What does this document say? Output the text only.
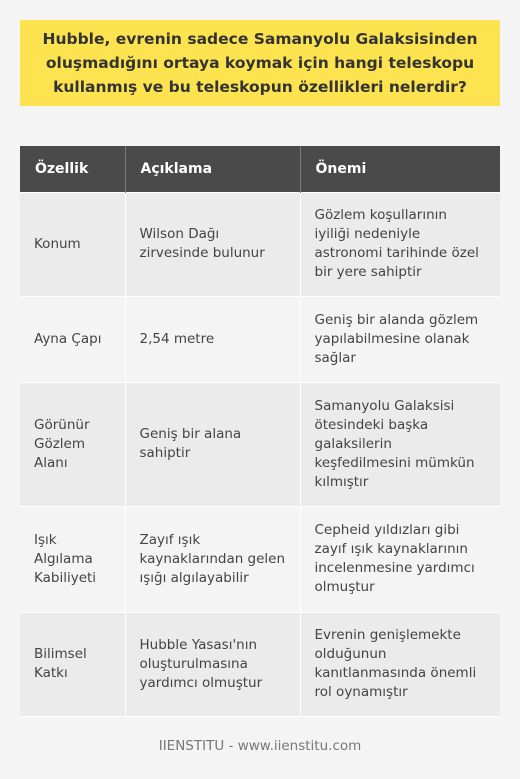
Hubble, evrenin sadece Samanyolu Galaksisinden oluşmadığını ortaya koymak için hangi teleskopu kullanmış ve bu teleskopun özellikleri nelerdir?
Özellik	Açıklama	Önemi
Konum	Wilson Dağı zirvesinde bulunur	Gözlem koşullarının iyiliği nedeniyle astronomi tarihinde özel bir yere sahiptir
Ayna Çapı	2,54 metre	Geniş bir alanda gözlem yapılabilmesine olanak sağlar
Görünür Gözlem Alanı	Geniş bir alana sahiptir	Samanyolu Galaksisi ötesindeki başka galaksilerin keşfedilmesini mümkün kılmıştır
Işık Algılama Kabiliyeti	Zayıf ışık kaynaklarından gelen ışığı algılayabilir	Cepheid yıldızları gibi zayıf ışık kaynaklarının incelenmesine yardımcı olmuştur
Bilimsel Katkı	Hubble Yasası'nın oluşturulmasına yardımcı olmuştur	Evrenin genişlemekte olduğunun kanıtlanmasında önemli rol oynamıştır
IIENSTITU - www.iienstitu.com
